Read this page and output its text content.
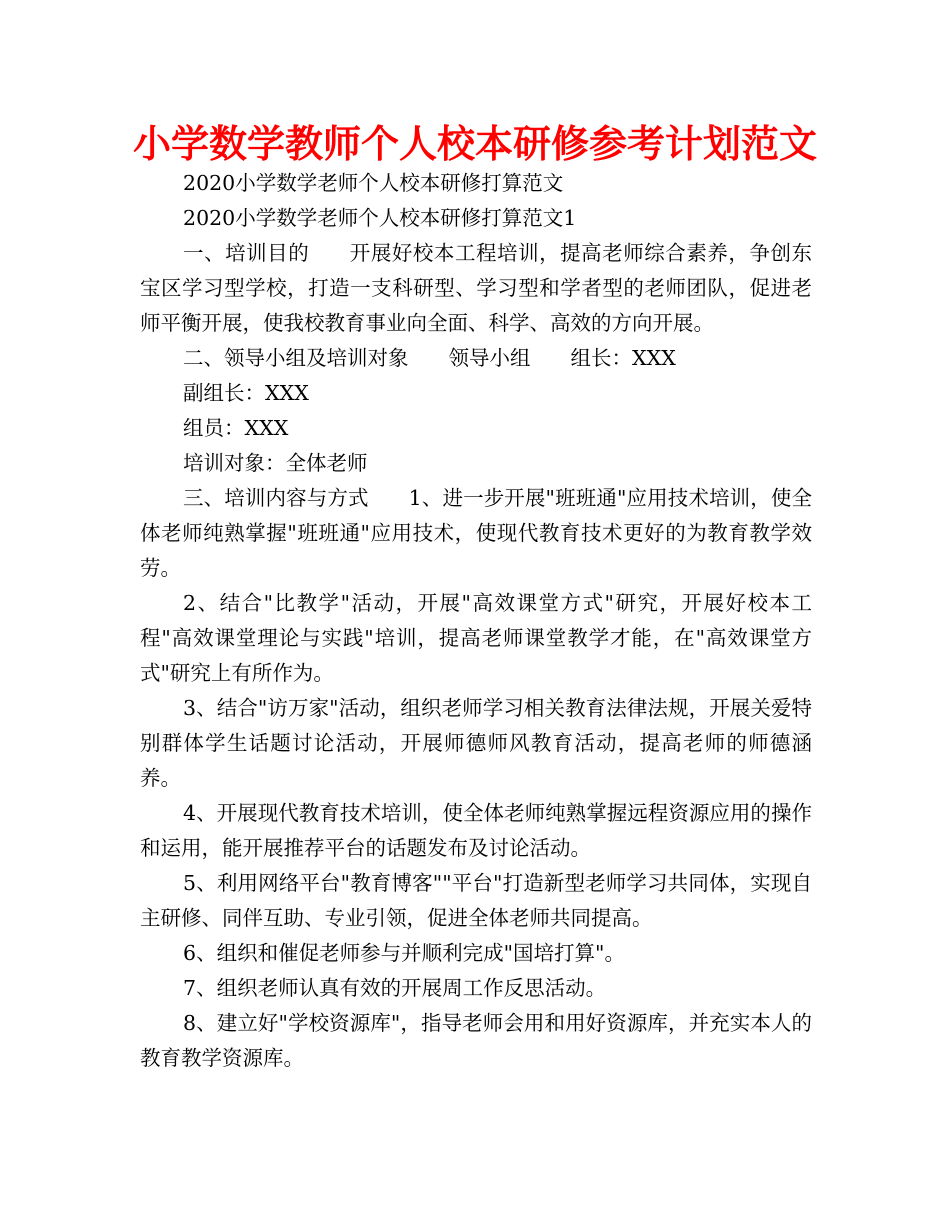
小学数学教师个人校本研修参考计划范文

2020小学数学老师个人校本研修打算范文

2020小学数学老师个人校本研修打算范文1

一、培训目的 开展好校本工程培训，提高老师综合素养，争创东宝区学习型学校，打造一支科研型、学习型和学者型的老师团队，促进老师平衡开展，使我校教育事业向全面、科学、高效的方向开展。

二、领导小组及培训对象 领导小组 组长：XXX

副组长：XXX

组员：XXX

培训对象：全体老师

三、培训内容与方式 1、进一步开展"班班通"应用技术培训，使全体老师纯熟掌握"班班通"应用技术，使现代教育技术更好的为教育教学效劳。

2、结合"比教学"活动，开展"高效课堂方式"研究，开展好校本工程"高效课堂理论与实践"培训，提高老师课堂教学才能，在"高效课堂方式"研究上有所作为。

3、结合"访万家"活动，组织老师学习相关教育法律法规，开展关爱特别群体学生话题讨论活动，开展师德师风教育活动，提高老师的师德涵养。

4、开展现代教育技术培训，使全体老师纯熟掌握远程资源应用的操作和运用，能开展推荐平台的话题发布及讨论活动。

5、利用网络平台"教育博客""平台"打造新型老师学习共同体，实现自主研修、同伴互助、专业引领，促进全体老师共同提高。

6、组织和催促老师参与并顺利完成"国培打算"。

7、组织老师认真有效的开展周工作反思活动。

8、建立好"学校资源库"，指导老师会用和用好资源库，并充实本人的教育教学资源库。
